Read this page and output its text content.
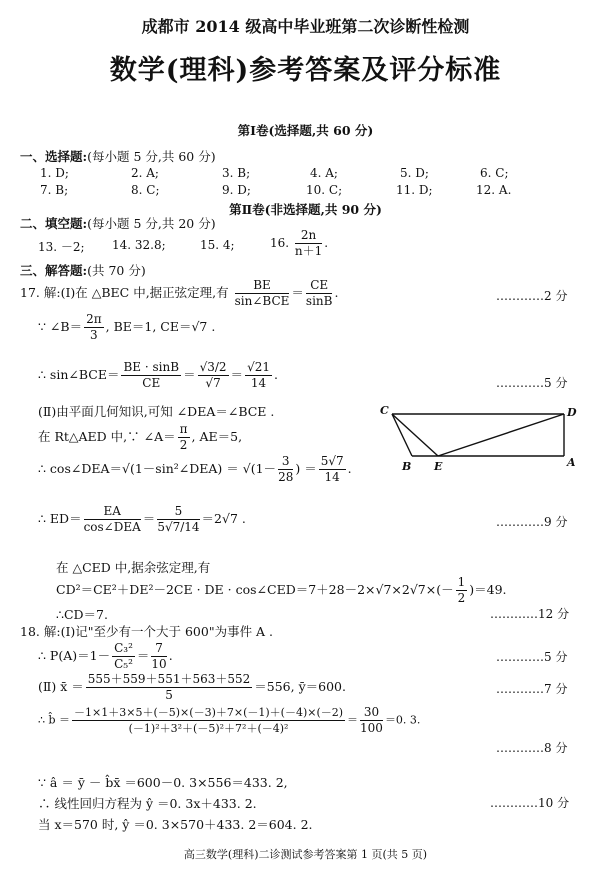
成都市 2014 级高中毕业班第二次诊断性检测
数学(理科)参考答案及评分标准
第Ⅰ卷(选择题,共 60 分)
一、选择题:(每小题 5 分,共 60 分)
1. D;	2. A;	3. B;	4. A;	5. D;	6. C;
7. B;	8. C;	9. D;	10. C;	11. D;	12. A.
第Ⅱ卷(非选择题,共 90 分)
二、填空题:(每小题 5 分,共 20 分)
13. －2; 14. 32.8;	15. 4;	16. $\frac{2n}{n+1}$ .
三、解答题:(共 70 分)
17. 解:(Ⅰ)在 △BEC 中,据正弦定理,有 $\frac{BE}{\text{sin∠BCE}} = \frac{CE}{\sin B}$ .	…………2 分
∵ ∠B＝ $\frac{2\pi}{3}$ , BE＝1, CE＝√7 .
∴ sin∠BCE＝ $\frac{BE \cdot \sin B}{CE} = \frac{√3/2}{√7} = \frac{√21}{14}$ .
…………5 分
(Ⅱ)由平面几何知识,可知 ∠DEA＝∠BCE .
在 Rt△AED 中,∵ ∠A＝ $\frac{\pi}{2}$ , AE＝5,
∴ cos∠DEA＝√(1－sin²∠DEA) ＝ $√(1- \frac{3}{28}$ ) ＝ $\frac{5√7}{14}$ .
∴ $ED= \frac{EA}{\text{cos∠DEA}} = \frac{5}{5√7/14} =2√7$ .	…………9 分
在 △CED 中,据余弦定理,有
CD²＝CE²＋DE²－2CE · DE · cos∠CED＝7＋28－2×√7×2√7×(－ $\frac{1}{2} )=49$.
∴CD＝7.	…………12 分
C	D
B E	A
18. 解:(Ⅰ)记"至少有一个大于 600"为事件 A .
∴ $P(A)=1- \frac{\text{C₃²}}{\text{C₅²}} = \frac{7}{10}$ .	…………5 分
(Ⅱ) x̄ ＝ $\frac{555+559+551+563+552}{5} =556$, ȳ＝600.	…………7 分
∴ b̂ ＝ $\frac{-1\times 1+3\times 5+(-5)\times(-3)+7\times(-1)+(-4)\times(-2)}{\text{(－1)²＋3²＋(－5)²＋7²＋(－4)²}} = \frac{30}{100} =0$. 3.
…………8 分
∵ â ＝ ȳ － b̂x̄ ＝600－0. 3×556＝433. 2,
∴ 线性回归方程为 ŷ ＝0. 3x＋433. 2.	…………10 分
当 x＝570 时, ŷ ＝0. 3×570＋433. 2＝604. 2.
高三数学(理科)二诊测试参考答案第 1 页(共 5 页)
